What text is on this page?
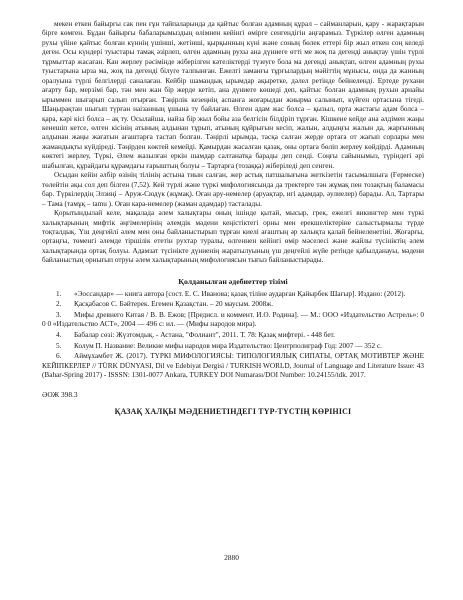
мекен еткен байыргы сак пен ғұн тайпаларында да қайтыс болған адамның құрал – сайманларын, қару - жарақтарын бірге көмген. Бұдан байырғы бабаларымыздың өлімнен кейінгі өмірге сенгендігін аңғарамыз. Түркілер өлген адамның рухы үйіне қайтыс болған күннің үшінші, жетінші, қырқынның күні және соның бөлек еттері бір жыл өткен соң келеді деген. Осы күндері туыстары тамақ әзірлеп, өлген адамның рухы ана дүниеге өтті ме жоқ па дегенді анықтау үшін түрлі тұрмыттар жасаған. Кан жерлеу рәсімінде жіберілген кәтеліктерді түзеуге бола ма дегенді анықтап, өлген адамның рухы туыстарына ырза ма, жоқ па дегенді білуге талпынған. Ежелгі заманғы тұрғылардың мәйіттің мұнысы, онда да жанның оралуына түрлі белгілерді саналаған. Кейбір шамандық ырымдар ақыретке, дәлел ретінде бейнеленді. Ертеде рухани ағарту бар, мерзімі бар, тән мен жан бір жерде кетіп, ана дүниеге көшеді деп, қайтыс болған адамның рухын арнайы ырыммен шығарып салып отырған. Тәңірлік кезеңнің аспанға жоғарыдан жиырма салынып, күйген ортасына тігеді. Шаңырақтан шығып түрған наізанның ұшына ту байлаған. Өлген адам жас болса – қызыл, орта жастағы адам болса – қара, кәрі кісі болса – ақ ту. Осылайша, найза бір жыл бойы аза белгісін білдіріп тұрған. Кішкене кейде ана әлдімен жаңы кенешіп кетсе, өлген кісінің атының алдынан тұрып, атының құйрығын кесіп, жалын, алдыңғы жалын да, жарғынның алдынан жаңы жағатын ағаштарға тастап болған. Тәңірлі ырымда, тасқа салған жерде ортаға от жағып сорлары мен жамандықты күйдіреді. Тәңірден көктей кемейді. Қамырдан жасалған қазақ, оны ортаға бөліп жерлеу көйдірді. Адамның көктегі жерлеу, Түркі, Әлем жазылған еркін шамдар салтанатқа барады деп сенді. Соңғы сайынымыз, түріндегі әрі шабылған, құрайдағы құрамдағы ғарыштың болуы – Тартарға (тозаққа) жіберіледі деп сенген.

Осыдан кейін әлбір өзінің тілінің астына тиын салған, жер астық патшалығына жеткізетін тасымалшыға (Ғермеске) төлейтін ақы сол деп білген (7,52). Кей түрлі және түркі мифологиясында да тректерге тән жұмақ пен тозақтың баламасы бар. Түркілердің Элзиңі – Аруж-Сюдүк (жұмақ). Оған ару-немелер (аруақтар, игі адамдар, әулиелер) барады. Ал, Тартары – Тама (тамұқ – tamu ). Оған кара-немелер (жаман адамдар) тасталады.

Қорытындылай келе, мақалада әлем халықтары оның ішінде қытай, мысыр, грек, ежелгі викингтер мен түркі халықтарының мифтік әңгімелерінің әлемдік мәдени кеңістіктегі орны мен ерекшеліктеріне салыстырмалы түрде тоқталдық. Үш деңгейлі әлем мен оны байланыстырып тұрған киелі ағаштың әр халықта қалай бейнеленетіні. Жоғарғы, ортаңғы, төменгі әлемде тіршілік ететін рухтар туралы, өлгеннен кейінгі өмір мәселесі және жайлы түсініктің әлем халықтарында ортақ болуы. Адамзат түсінікте дүниенің жаратылуының үш деңгейлі жүйе ретінде қабылданауы, мәдени байланыстың орнығып отруы әлем халықтарының мифологиясын тығыз байланыстырады.

Қолданылған әдебиеттер тізімі

1. «Эоссандар» — книга автора [сост. Е. С. Иванова; қазақ тіліне аударған Қайырбек Шағыр]. Издано: (2012).

2. Қасқабасов С. Бәйтерек. Егемен Қазақстан. – 20 маусым. 2008ж.

3. Мифы древнего Китая / В. В. Ежов; [Предисл. и коммент. И.О. Родина]. — М.: ООО «Издательство Астрель»: 0 0 0 «Издательство АСТ», 2004 — 496 с: ил. — (Мифы народов мира).

4. Бабалар сөзі: Жүзтомдық. - Астана, "Фолиант", 2011. Т. 78: Қазақ мифтері. - 448 бет.

5. Колум П. Название: Великие мифы народов мира Издательство: Центрполиграф Год: 2007 — 352 с.

6. Аймұхамбет Ж. (2017). ТҮРКІ МИФОЛОГИЯСЫ: ТИПОЛОГИЯЛЫҚ СИПАТЫ, ОРТАҚ МОТИВТЕР ЖӘНЕ КЕЙІПКЕРЛЕР // TÜRK DÜNYASI, Dil ve Edebiyat Dergisi / TURKISH WORLD, Journal of Language and Literature Issue: 43 (Bahar-Spring 2017) - ISSSN: 1301-0077 Ankara, TURKEY DOI Numarası/DOI Number: 10.24155/tdk. 2017.

ӘОЖ 398.3
ҚАЗАҚ ХАЛҚЫ МӘДЕНИЕТІНДЕГІ ТҮР-ТҮСТІҢ КӨРІНІСІ
2880
